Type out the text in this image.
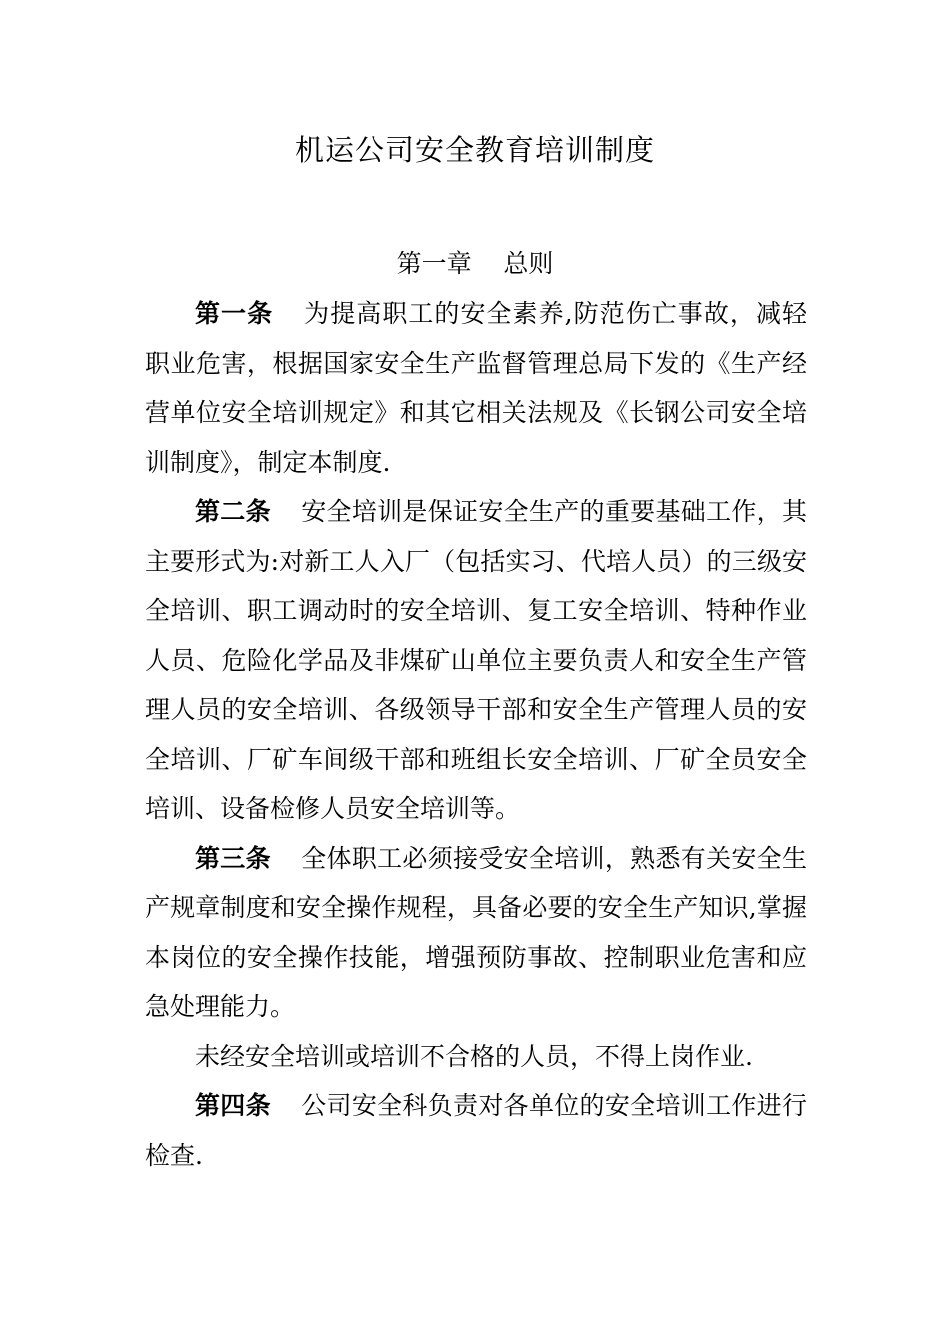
机运公司安全教育培训制度
第一章    总则

第一条 为提高职工的安全素养,防范伤亡事故，减轻职业危害，根据国家安全生产监督管理总局下发的《生产经营单位安全培训规定》和其它相关法规及《长钢公司安全培训制度》，制定本制度.

第二条 安全培训是保证安全生产的重要基础工作，其主要形式为:对新工人入厂（包括实习、代培人员）的三级安全培训、职工调动时的安全培训、复工安全培训、特种作业人员、危险化学品及非煤矿山单位主要负责人和安全生产管理人员的安全培训、各级领导干部和安全生产管理人员的安全培训、厂矿车间级干部和班组长安全培训、厂矿全员安全培训、设备检修人员安全培训等。

第三条 全体职工必须接受安全培训，熟悉有关安全生产规章制度和安全操作规程，具备必要的安全生产知识,掌握本岗位的安全操作技能，增强预防事故、控制职业危害和应急处理能力。

未经安全培训或培训不合格的人员，不得上岗作业.

第四条 公司安全科负责对各单位的安全培训工作进行检查.
